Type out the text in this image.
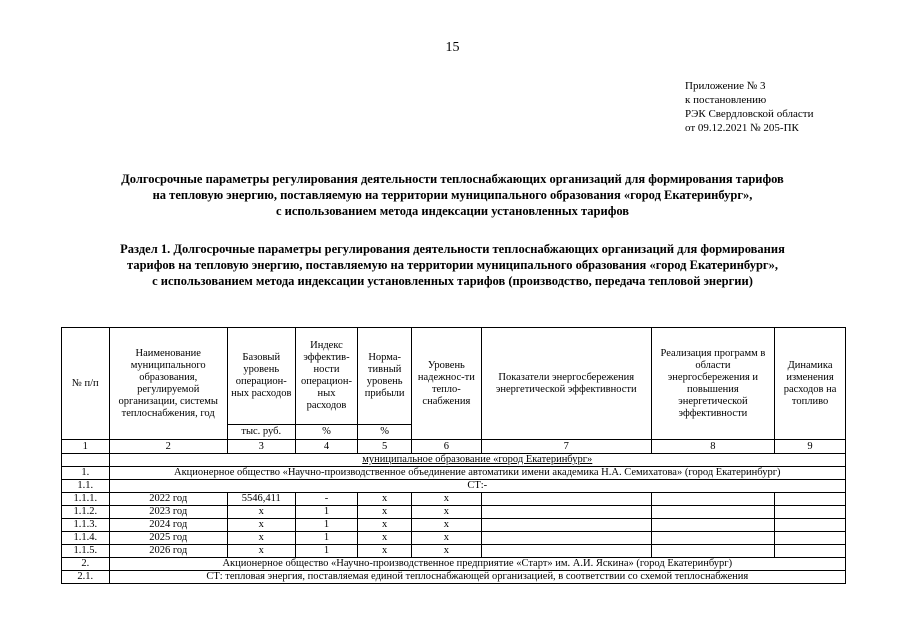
15
Приложение № 3
к постановлению
РЭК Свердловской области
от 09.12.2021 № 205-ПК
Долгосрочные параметры регулирования деятельности теплоснабжающих организаций для формирования тарифов
на тепловую энергию, поставляемую на территории муниципального образования «город Екатеринбург»,
с использованием метода индексации установленных тарифов
Раздел 1. Долгосрочные параметры регулирования деятельности теплоснабжающих организаций для формирования
тарифов на тепловую энергию, поставляемую на территории муниципального образования «город Екатеринбург»,
с использованием метода индексации установленных тарифов (производство, передача тепловой энергии)
№ п/п	Наименование муниципального образования, регулируемой организации, системы теплоснабжения, год	Базовый уровень операцион-ных расходов	Индекс эффектив-ности операцион-ных расходов	Норма-тивный уровень прибыли	Уровень надежнос-ти тепло-снабжения	Показатели энергосбережения энергетической эффективности	Реализация программ в области энергосбережения и повышения энергетической эффективности	Динамика изменения расходов на топливо
		тыс. руб.	%	%				
1	2	3	4	5	6	7	8	9
	муниципальное образование «город Екатеринбург»							
1.	Акционерное общество «Научно-производственное объединение автоматики имени академика Н.А. Семихатова» (город Екатеринбург)							
1.1.	СТ:-							
1.1.1.	2022 год	5546,411	-	х	х			
1.1.2.	2023 год	х	1	х	х			
1.1.3.	2024 год	х	1	х	х			
1.1.4.	2025 год	х	1	х	х			
1.1.5.	2026 год	х	1	х	х			
2.	Акционерное общество «Научно-производственное предприятие «Старт» им. А.И. Яскина» (город Екатеринбург)							
2.1.	СТ: тепловая энергия, поставляемая единой теплоснабжающей организацией, в соответствии со схемой теплоснабжения							
